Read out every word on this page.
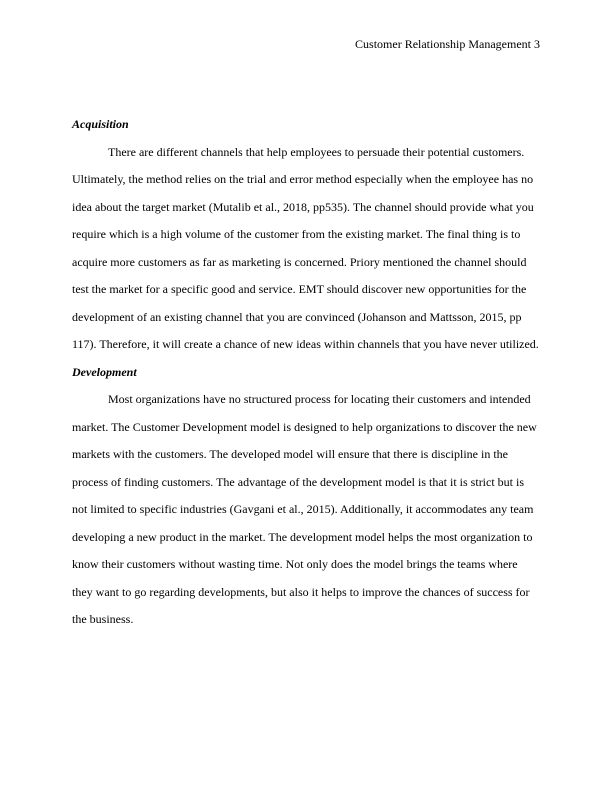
Customer Relationship Management 3
Acquisition
There are different channels that help employees to persuade their potential customers.
Ultimately, the method relies on the trial and error method especially when the employee has no
idea about the target market (Mutalib et al., 2018, pp535). The channel should provide what you
require which is a high volume of the customer from the existing market. The final thing is to
acquire more customers as far as marketing is concerned. Priory mentioned the channel should
test the market for a specific good and service. EMT should discover new opportunities for the
development of an existing channel that you are convinced (Johanson and Mattsson, 2015, pp
117). Therefore, it will create a chance of new ideas within channels that you have never utilized.
Development
Most organizations have no structured process for locating their customers and intended
market. The Customer Development model is designed to help organizations to discover the new
markets with the customers. The developed model will ensure that there is discipline in the
process of finding customers. The advantage of the development model is that it is strict but is
not limited to specific industries (Gavgani et al., 2015). Additionally, it accommodates any team
developing a new product in the market. The development model helps the most organization to
know their customers without wasting time. Not only does the model brings the teams where
they want to go regarding developments, but also it helps to improve the chances of success for
the business.
